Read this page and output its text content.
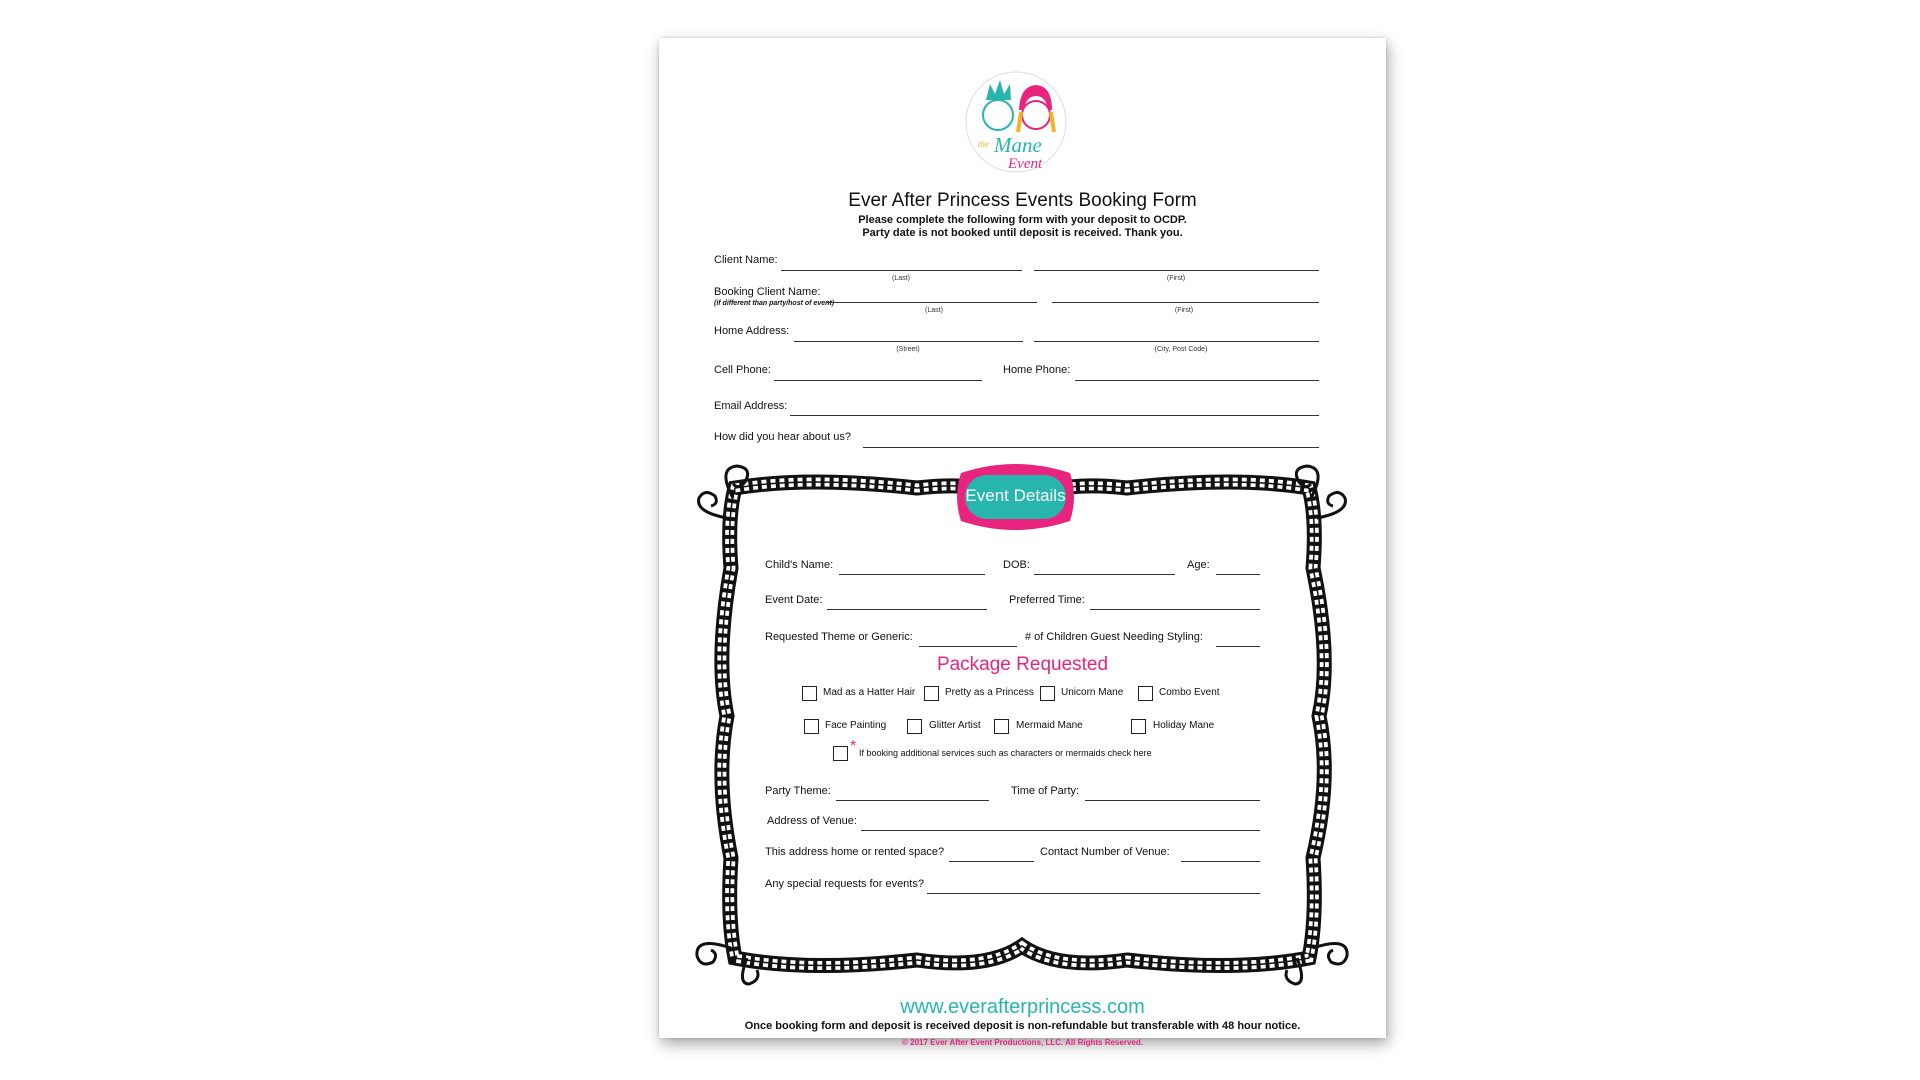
the Mane
Event
Ever After Princess Events Booking Form
Please complete the following form with your deposit to OCDP.
Party date is not booked until deposit is received. Thank you.
Client Name:
(Last)	(First)
Booking Client Name:
(if different than party/host of event)
(Last)	(First)
Home Address:
(Street)	(City, Post Code)
Cell Phone:	Home Phone:
Email Address:
How did you hear about us?
Event Details
Child's Name:	DOB:	Age:
Event Date:	Preferred Time:
Requested Theme or Generic:	# of Children Guest Needing Styling:
Package Requested
Mad as a Hatter Hair	Pretty as a Princess	Unicorn Mane	Combo Event
Face Painting	Glitter Artist	Mermaid Mane	Holiday Mane
* If booking additional services such as characters or mermaids check here
Party Theme:	Time of Party:
Address of Venue:
This address home or rented space?	Contact Number of Venue:
Any special requests for events?
www.everafterprincess.com
Once booking form and deposit is received deposit is non-refundable but transferable with 48 hour notice.
© 2017 Ever After Event Productions, LLC. All Rights Reserved.
